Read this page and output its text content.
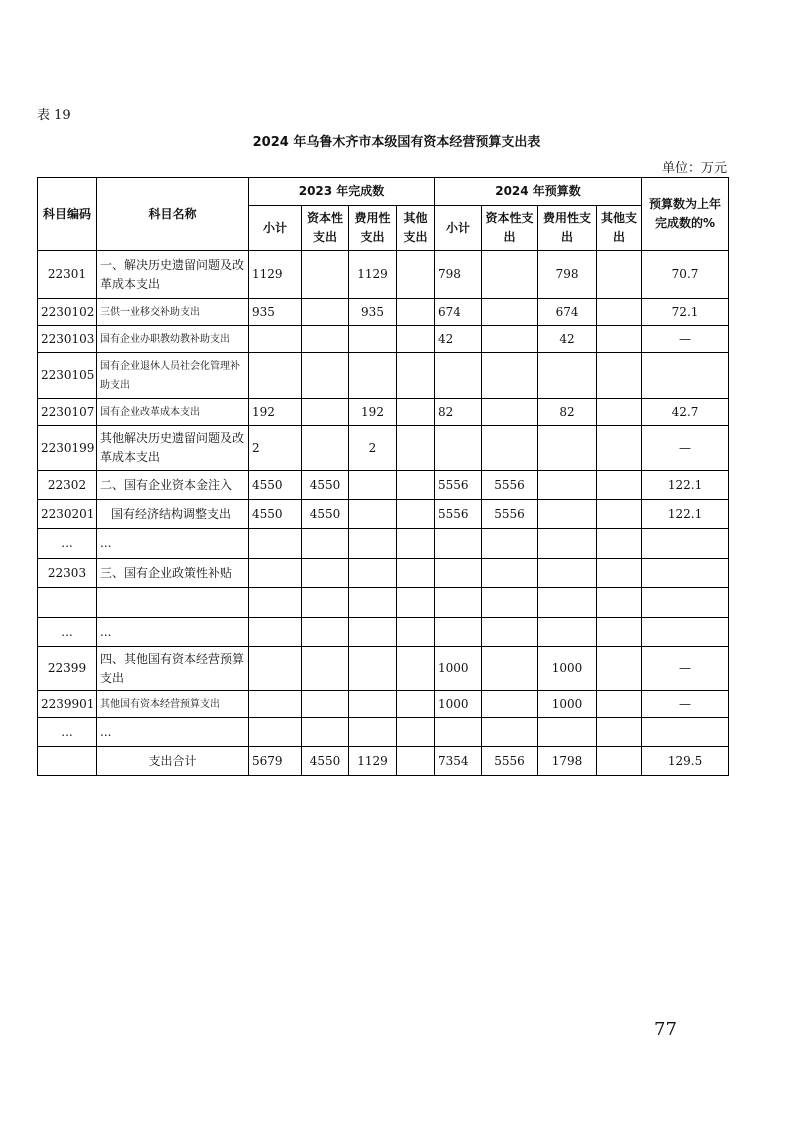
表 19
2024 年乌鲁木齐市本级国有资本经营预算支出表
单位：万元
科目编码	科目名称	2023 年完成数				2024 年预算数				预算数为上年完成数的%
		小计	资本性支出	费用性支出	其他支出	小计	资本性支出	费用性支出	其他支出	
22301	一、解决历史遗留问题及改革成本支出	1129		1129		798		798		70.7
2230102	三供一业移交补助支出	935		935		674		674		72.1
2230103	国有企业办职教幼教补助支出					42		42		—
2230105	国有企业退休人员社会化管理补助支出									
2230107	国有企业改革成本支出	192		192		82		82		42.7
2230199	其他解决历史遗留问题及改革成本支出	2		2						—
22302	二、国有企业资本金注入	4550	4550			5556	5556			122.1
2230201	国有经济结构调整支出	4550	4550			5556	5556			122.1
...	...									
22303	三、国有企业政策性补贴									

...	...									
22399	四、其他国有资本经营预算支出					1000		1000		—
2239901	其他国有资本经营预算支出					1000		1000		—
...	...									
	支出合计	5679	4550	1129		7354	5556	1798		129.5
77
